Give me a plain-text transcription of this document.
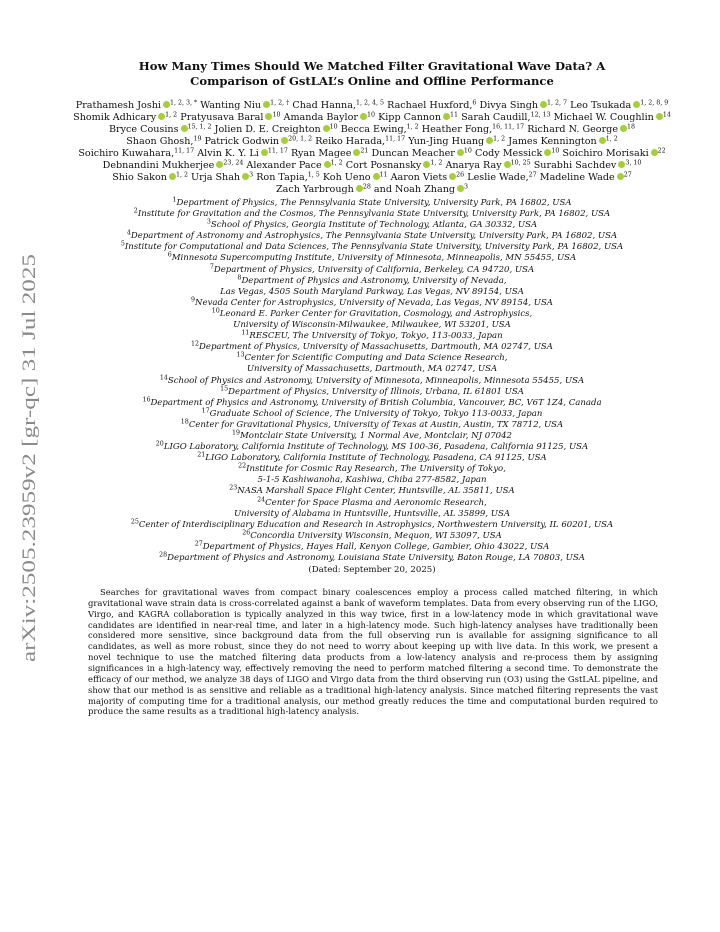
arXiv:2505.23959v2 [gr-qc] 31 Jul 2025
How Many Times Should We Matched Filter Gravitational Wave Data? A
Comparison of GstLAL’s Online and Offline Performance
Prathamesh Joshi $^{1, 2, 3, *}$ Wanting Niu $^{1, 2, \dagger}$ Chad Hanna,$^{1, 2, 4, 5}$ Rachael Huxford,$^6$ Divya Singh $^{1, 2, 7}$ Leo Tsukada $^{1, 2, 8, 9}$ Shomik Adhicary $^{1, 2}$ Pratyusava Baral $^{10}$ Amanda Baylor $^{10}$ Kipp Cannon $^{11}$ Sarah Caudill,$^{12, 13}$ Michael W. Coughlin $^{14}$ Bryce Cousins $^{15, 1, 2}$ Jolien D. E. Creighton $^{10}$ Becca Ewing,$^{1, 2}$ Heather Fong,$^{16, 11, 17}$ Richard N. George $^{18}$ Shaon Ghosh,$^{19}$ Patrick Godwin $^{20, 1, 2}$ Reiko Harada,$^{11, 17}$ Yun-Jing Huang $^{1, 2}$ James Kennington $^{1, 2}$ Soichiro Kuwahara,$^{11, 17}$ Alvin K. Y. Li $^{11, 17}$ Ryan Magee $^{21}$ Duncan Meacher $^{10}$ Cody Messick $^{10}$ Soichiro Morisaki $^{22}$ Debnandini Mukherjee $^{23, 24}$ Alexander Pace $^{1, 2}$ Cort Posnansky $^{1, 2}$ Anarya Ray $^{10, 25}$ Surabhi Sachdev $^{3, 10}$ Shio Sakon $^{1, 2}$ Urja Shah $^3$ Ron Tapia,$^{1, 5}$ Koh Ueno $^{11}$ Aaron Viets $^{26}$ Leslie Wade,$^{27}$ Madeline Wade $^{27}$ Zach Yarbrough $^{28}$ and Noah Zhang $^3$
$^1$Department of Physics, The Pennsylvania State University, University Park, PA 16802, USA
$^2$Institute for Gravitation and the Cosmos, The Pennsylvania State University, University Park, PA 16802, USA
$^3$School of Physics, Georgia Institute of Technology, Atlanta, GA 30332, USA
$^4$Department of Astronomy and Astrophysics, The Pennsylvania State University, University Park, PA 16802, USA
$^5$Institute for Computational and Data Sciences, The Pennsylvania State University, University Park, PA 16802, USA
$^6$Minnesota Supercomputing Institute, University of Minnesota, Minneapolis, MN 55455, USA
$^7$Department of Physics, University of California, Berkeley, CA 94720, USA
$^8$Department of Physics and Astronomy, University of Nevada,
Las Vegas, 4505 South Maryland Parkway, Las Vegas, NV 89154, USA
$^9$Nevada Center for Astrophysics, University of Nevada, Las Vegas, NV 89154, USA
$^{10}$Leonard E. Parker Center for Gravitation, Cosmology, and Astrophysics,
University of Wisconsin-Milwaukee, Milwaukee, WI 53201, USA
$^{11}$RESCEU, The University of Tokyo, Tokyo, 113-0033, Japan
$^{12}$Department of Physics, University of Massachusetts, Dartmouth, MA 02747, USA
$^{13}$Center for Scientific Computing and Data Science Research,
University of Massachusetts, Dartmouth, MA 02747, USA
$^{14}$School of Physics and Astronomy, University of Minnesota, Minneapolis, Minnesota 55455, USA
$^{15}$Department of Physics, University of Illinois, Urbana, IL 61801 USA
$^{16}$Department of Physics and Astronomy, University of British Columbia, Vancouver, BC, V6T 1Z4, Canada
$^{17}$Graduate School of Science, The University of Tokyo, Tokyo 113-0033, Japan
$^{18}$Center for Gravitational Physics, University of Texas at Austin, Austin, TX 78712, USA
$^{19}$Montclair State University, 1 Normal Ave, Montclair, NJ 07042
$^{20}$LIGO Laboratory, California Institute of Technology, MS 100-36, Pasadena, California 91125, USA
$^{21}$LIGO Laboratory, California Institute of Technology, Pasadena, CA 91125, USA
$^{22}$Institute for Cosmic Ray Research, The University of Tokyo,
5-1-5 Kashiwanoha, Kashiwa, Chiba 277-8582, Japan
$^{23}$NASA Marshall Space Flight Center, Huntsville, AL 35811, USA
$^{24}$Center for Space Plasma and Aeronomic Research,
University of Alabama in Huntsville, Huntsville, AL 35899, USA
$^{25}$Center of Interdisciplinary Education and Research in Astrophysics, Northwestern University, IL 60201, USA
$^{26}$Concordia University Wisconsin, Mequon, WI 53097, USA
$^{27}$Department of Physics, Hayes Hall, Kenyon College, Gambier, Ohio 43022, USA
$^{28}$Department of Physics and Astronomy, Louisiana State University, Baton Rouge, LA 70803, USA
(Dated: September 20, 2025)

Searches for gravitational waves from compact binary coalescences employ a process called matched filtering, in which gravitational wave strain data is cross-correlated against a bank of waveform templates. Data from every observing run of the LIGO, Virgo, and KAGRA collaboration is typically analyzed in this way twice, first in a low-latency mode in which gravitational wave candidates are identified in near-real time, and later in a high-latency mode. Such high-latency analyses have traditionally been considered more sensitive, since background data from the full observing run is available for assigning significance to all candidates, as well as more robust, since they do not need to worry about keeping up with live data. In this work, we present a novel technique to use the matched filtering data products from a low-latency analysis and re-process them by assigning significances in a high-latency way, effectively removing the need to perform matched filtering a second time. To demonstrate the efficacy of our method, we analyze 38 days of LIGO and Virgo data from the third observing run (O3) using the GstLAL pipeline, and show that our method is as sensitive and reliable as a traditional high-latency analysis. Since matched filtering represents the vast majority of computing time for a traditional analysis, our method greatly reduces the time and computational burden required to produce the same results as a traditional high-latency analysis.
